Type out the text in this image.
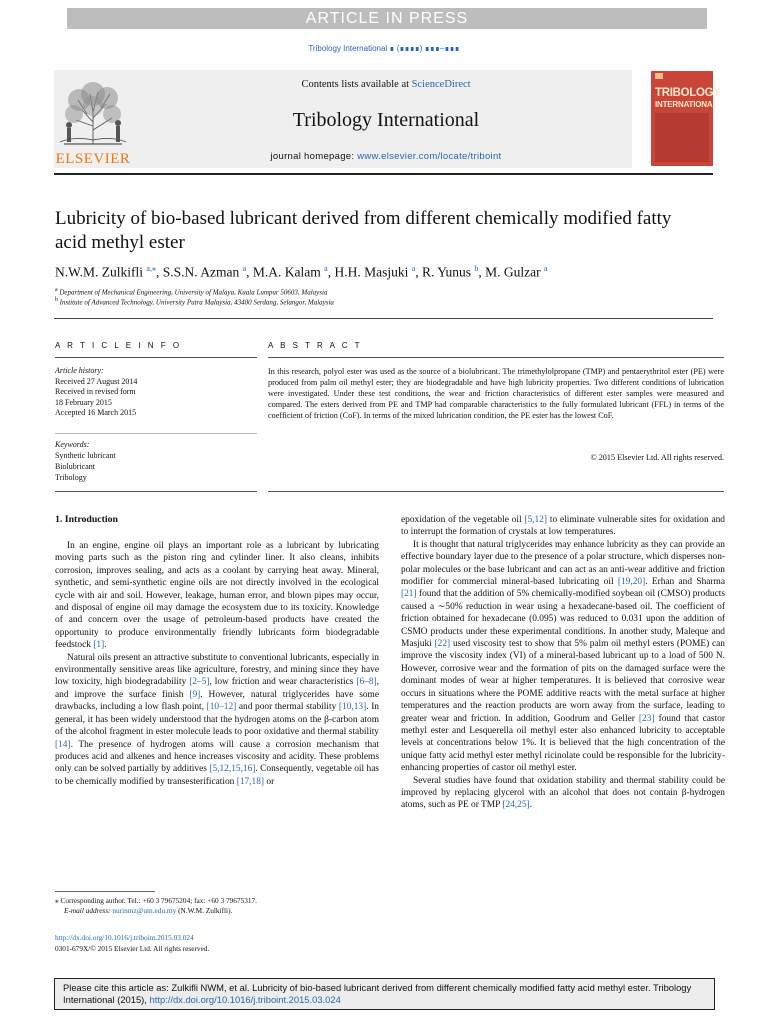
ARTICLE IN PRESS
Tribology International ∎ (∎∎∎∎) ∎∎∎–∎∎∎
ELSEVIER
Contents lists available at ScienceDirect
Tribology International
journal homepage: www.elsevier.com/locate/triboint
TRIBOLOGY
INTERNATIONAL
Lubricity of bio-based lubricant derived from different chemically modified fatty acid methyl ester
N.W.M. Zulkifli $^{a,⁎}$, S.S.N. Azman $^a$, M.A. Kalam $^a$, H.H. Masjuki $^a$, R. Yunus $^b$, M. Gulzar $^a$
$^a$ Department of Mechanical Engineering, University of Malaya, Kuala Lumpur 50603, Malaysia
$^b$ Institute of Advanced Technology, University Putra Malaysia, 43400 Serdang, Selangor, Malaysia
A R T I C L E I N F O
Article history:
Received 27 August 2014
Received in revised form
18 February 2015
Accepted 16 March 2015
Keywords:
Synthetic lubricant
Biolubricant
Tribology
A B S T R A C T
In this research, polyol ester was used as the source of a biolubricant. The trimethylolpropane (TMP) and pentaerythritol ester (PE) were produced from palm oil methyl ester; they are biodegradable and have high lubricity properties. Two different conditions of lubrication were investigated. Under these test conditions, the wear and friction characteristics of different ester samples were measured and compared. The esters derived from PE and TMP had comparable characteristics to the fully formulated lubricant (FFL) in terms of the coefficient of friction (CoF). In terms of the mixed lubrication condition, the PE ester has the lowest CoF.
© 2015 Elsevier Ltd. All rights reserved.
1. Introduction

In an engine, engine oil plays an important role as a lubricant by lubricating moving parts such as the piston ring and cylinder liner. It also cleans, inhibits corrosion, improves sealing, and acts as a coolant by carrying heat away. Mineral, synthetic, and semi-synthetic engine oils are not directly involved in the ecological cycle with air and soil. However, leakage, human error, and blown pipes may occur, and disposal of engine oil may damage the ecosystem due to its toxicity. Knowledge of and concern over the usage of petroleum-based products have created the opportunity to produce environmentally friendly lubricants form biodegradable feedstock [1].

Natural oils present an attractive substitute to conventional lubricants, especially in environmentally sensitive areas like agriculture, forestry, and mining since they have low toxicity, high biodegradability [2–5], low friction and wear characteristics [6–8], and improve the surface finish [9]. However, natural triglycerides have some drawbacks, including a low flash point, [10–12] and poor thermal stability [10,13]. In general, it has been widely understood that the hydrogen atoms on the β-carbon atom of the alcohol fragment in ester molecule leads to poor oxidative and thermal stability [14]. The presence of hydrogen atoms will cause a corrosion mechanism that produces acid and alkenes and hence increases viscosity and acidity. These problems only can be solved partially by additives [5,12,15,16]. Consequently, vegetable oil has to be chemically modified by transesterification [17,18] or

epoxidation of the vegetable oil [5,12] to eliminate vulnerable sites for oxidation and to interrupt the formation of crystals at low temperatures.

It is thought that natural triglycerides may enhance lubricity as they can provide an effective boundary layer due to the presence of a polar structure, which disperses non-polar molecules or the base lubricant and can act as an anti-wear additive and friction modifier for commercial mineral-based lubricating oil [19,20]. Erhan and Sharma [21] found that the addition of 5% chemically-modified soybean oil (CMSO) products caused a ∼50% reduction in wear using a hexadecane-based oil. The coefficient of friction obtained for hexadecane (0.095) was reduced to 0.031 upon the addition of CSMO products under these experimental conditions. In another study, Maleque and Masjuki [22] used viscosity test to show that 5% palm oil methyl esters (POME) can improve the viscosity index (VI) of a mineral-based lubricant up to a load of 500 N. However, corrosive wear and the formation of pits on the damaged surface were the dominant modes of wear at higher temperatures. It is believed that corrosive wear occurs in situations where the POME additive reacts with the metal surface at higher temperatures and the reaction products are worn away from the surface, leading to greater wear and friction. In addition, Goodrum and Geller [23] found that castor methyl ester and Lesquerella oil methyl ester also enhanced lubricity to acceptable levels at concentrations below 1%. It is believed that the high concentration of the unique fatty acid methyl ester methyl ricinolate could be responsible for the lubricity-enhancing properties of castor oil methyl ester.

Several studies have found that oxidation stability and thermal stability could be improved by replacing glycerol with an alcohol that does not contain β-hydrogen atoms, such as PE or TMP [24,25].

⁎ Corresponding author. Tel.: +60 3 79675204; fax: +60 3 79675317.
E-mail address: nurinmz@um.edu.my (N.W.M. Zulkifli).
http://dx.doi.org/10.1016/j.triboint.2015.03.024
0301-679X/© 2015 Elsevier Ltd. All rights reserved.
Please cite this article as: Zulkifli NWM, et al. Lubricity of bio-based lubricant derived from different chemically modified fatty acid methyl ester. Tribology International (2015), http://dx.doi.org/10.1016/j.triboint.2015.03.024
